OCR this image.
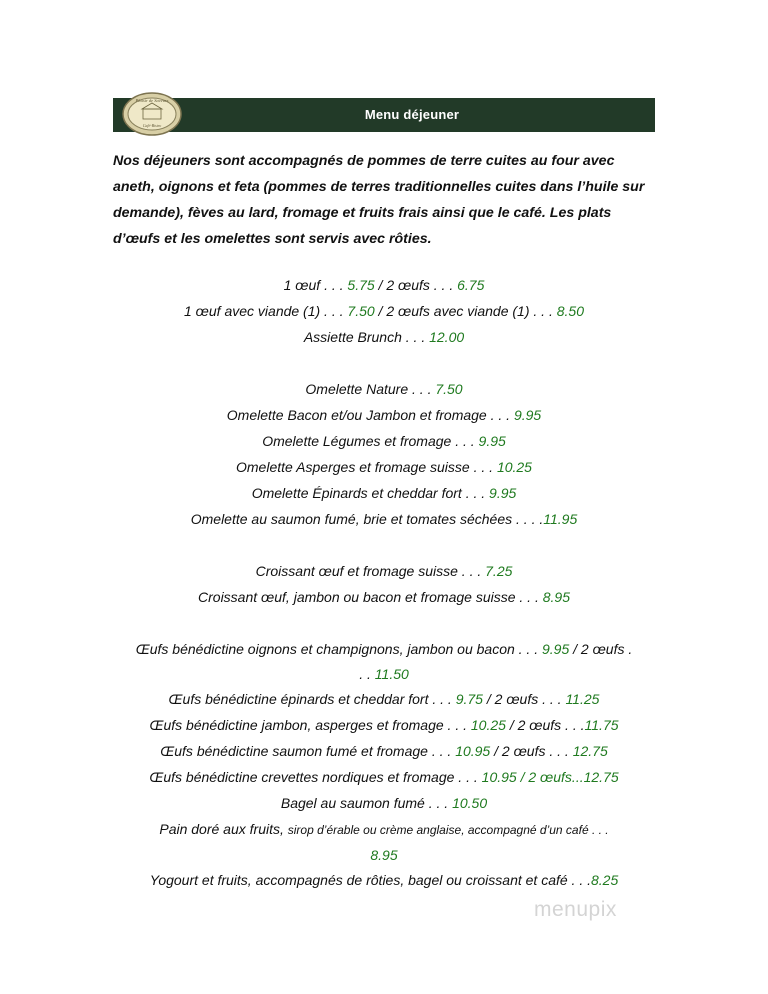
Plaisir de Saveurs
Café-Bistro
Menu déjeuner

Nos déjeuners sont accompagnés de pommes de terre cuites au four avec aneth, oignons et feta (pommes de terres traditionnelles cuites dans l’huile sur demande), fèves au lard, fromage et fruits frais ainsi que le café. Les plats d’œufs et les omelettes sont servis avec rôties.

1 œuf . . . 5.75 / 2 œufs . . . 6.75
1 œuf avec viande (1) . . . 7.50 / 2 œufs avec viande (1) . . . 8.50
Assiette Brunch . . . 12.00
Omelette Nature . . . 7.50
Omelette Bacon et/ou Jambon et fromage . . . 9.95
Omelette Légumes et fromage . . . 9.95
Omelette Asperges et fromage suisse . . . 10.25
Omelette Épinards et cheddar fort . . . 9.95
Omelette au saumon fumé, brie et tomates séchées . . . .11.95
Croissant œuf et fromage suisse . . . 7.25
Croissant œuf, jambon ou bacon et fromage suisse . . . 8.95
Œufs bénédictine oignons et champignons, jambon ou bacon . . . 9.95 / 2 œufs .
. . 11.50
Œufs bénédictine épinards et cheddar fort . . . 9.75 / 2 œufs . . . 11.25
Œufs bénédictine jambon, asperges et fromage . . . 10.25 / 2 œufs . . .11.75
Œufs bénédictine saumon fumé et fromage . . . 10.95 / 2 œufs . . . 12.75
Œufs bénédictine crevettes nordiques et fromage . . . 10.95 / 2 œufs...12.75
Bagel au saumon fumé . . . 10.50
Pain doré aux fruits, sirop d’érable ou crème anglaise, accompagné d’un café . . .
8.95
Yogourt et fruits, accompagnés de rôties, bagel ou croissant et café . . .8.25
menupix
